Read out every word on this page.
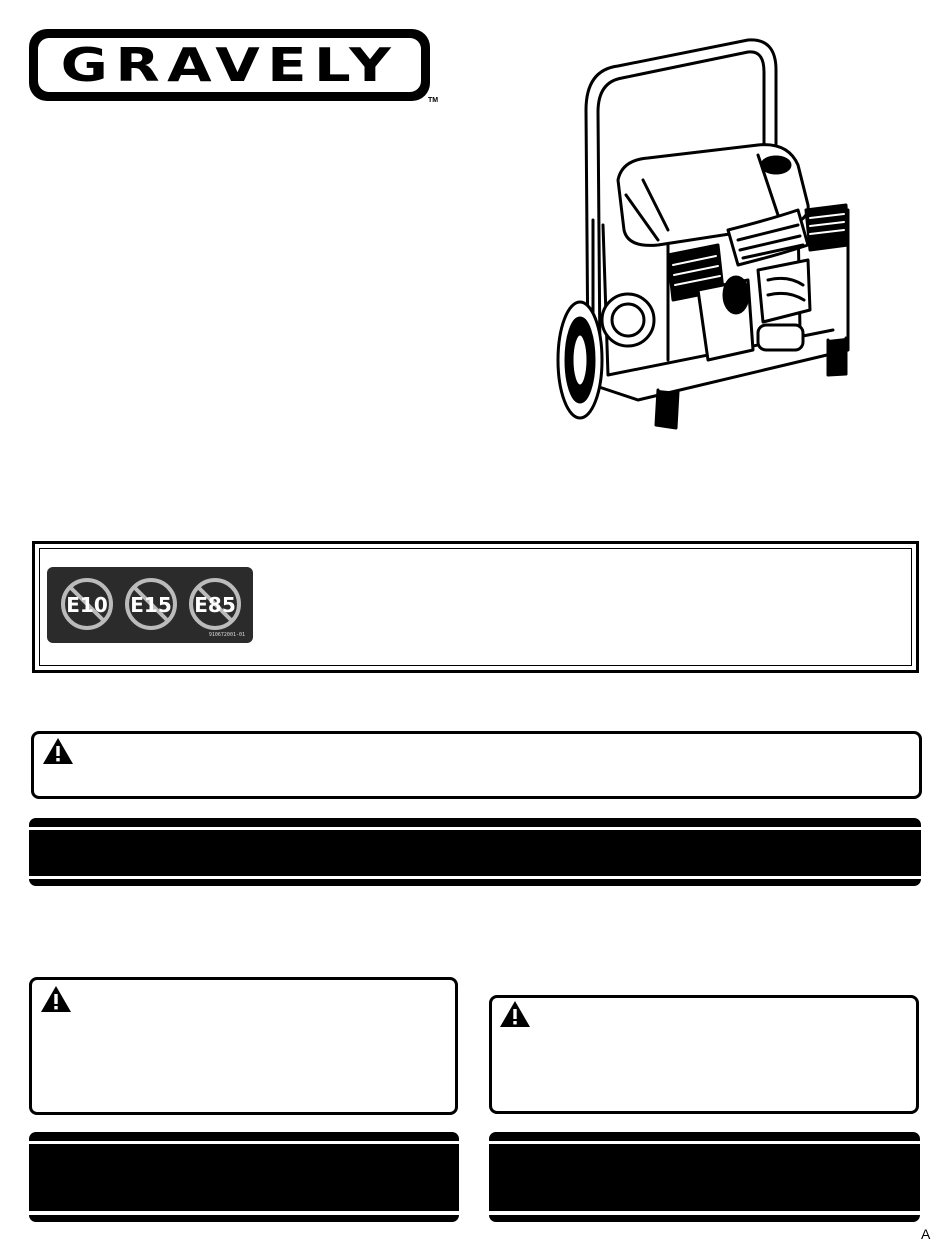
GRAVELY
TM
E10 E15 E85
910672001-01
A
